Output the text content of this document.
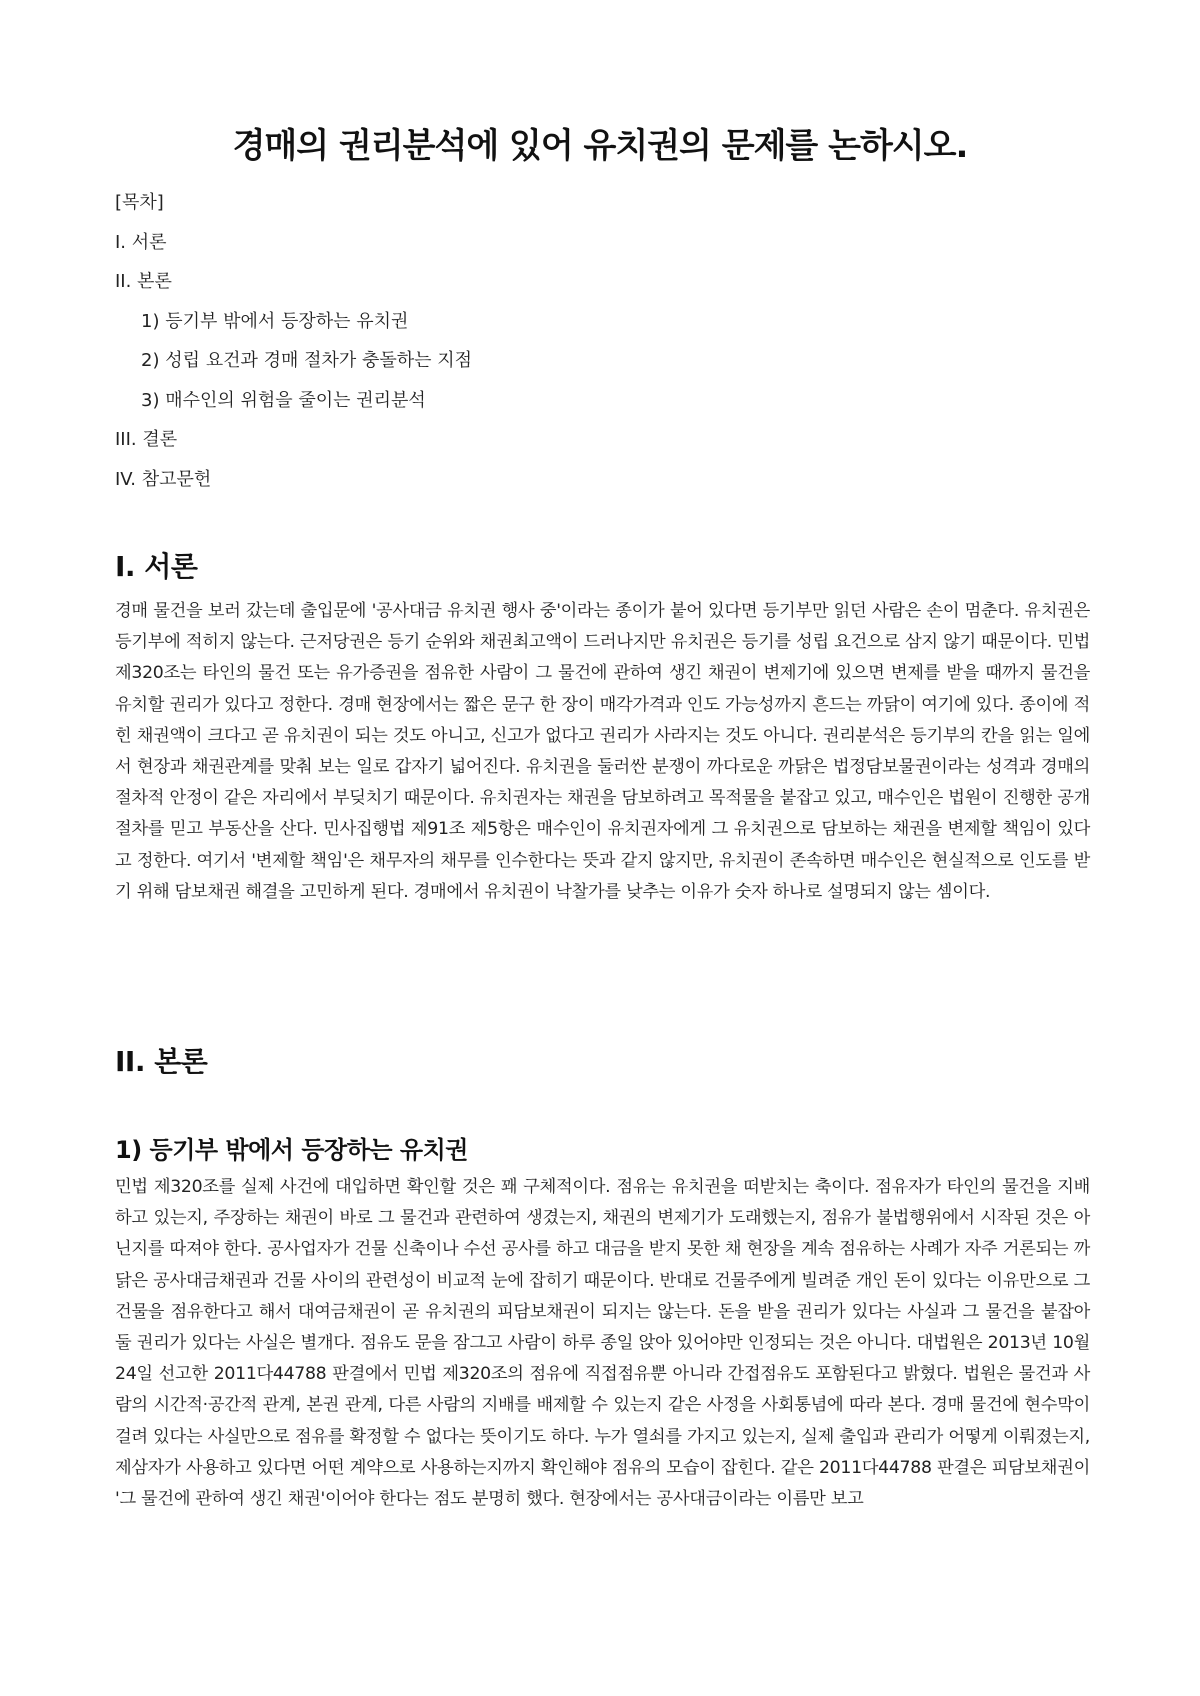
경매의 권리분석에 있어 유치권의 문제를 논하시오.
[목차]
I. 서론
II. 본론
1) 등기부 밖에서 등장하는 유치권
2) 성립 요건과 경매 절차가 충돌하는 지점
3) 매수인의 위험을 줄이는 권리분석
III. 결론
IV. 참고문헌
I. 서론
경매 물건을 보러 갔는데 출입문에 '공사대금 유치권 행사 중'이라는 종이가 붙어 있다면 등기부만 읽던 사람은 손이 멈춘다. 유치권은 등기부에 적히지 않는다. 근저당권은 등기 순위와 채권최고액이 드러나지만 유치권은 등기를 성립 요건으로 삼지 않기 때문이다. 민법 제320조는 타인의 물건 또는 유가증권을 점유한 사람이 그 물건에 관하여 생긴 채권이 변제기에 있으면 변제를 받을 때까지 물건을 유치할 권리가 있다고 정한다. 경매 현장에서는 짧은 문구 한 장이 매각가격과 인도 가능성까지 흔드는 까닭이 여기에 있다. 종이에 적힌 채권액이 크다고 곧 유치권이 되는 것도 아니고, 신고가 없다고 권리가 사라지는 것도 아니다. 권리분석은 등기부의 칸을 읽는 일에서 현장과 채권관계를 맞춰 보는 일로 갑자기 넓어진다. 유치권을 둘러싼 분쟁이 까다로운 까닭은 법정담보물권이라는 성격과 경매의 절차적 안정이 같은 자리에서 부딪치기 때문이다. 유치권자는 채권을 담보하려고 목적물을 붙잡고 있고, 매수인은 법원이 진행한 공개절차를 믿고 부동산을 산다. 민사집행법 제91조 제5항은 매수인이 유치권자에게 그 유치권으로 담보하는 채권을 변제할 책임이 있다고 정한다. 여기서 '변제할 책임'은 채무자의 채무를 인수한다는 뜻과 같지 않지만, 유치권이 존속하면 매수인은 현실적으로 인도를 받기 위해 담보채권 해결을 고민하게 된다. 경매에서 유치권이 낙찰가를 낮추는 이유가 숫자 하나로 설명되지 않는 셈이다.
II. 본론
1) 등기부 밖에서 등장하는 유치권
민법 제320조를 실제 사건에 대입하면 확인할 것은 꽤 구체적이다. 점유는 유치권을 떠받치는 축이다. 점유자가 타인의 물건을 지배하고 있는지, 주장하는 채권이 바로 그 물건과 관련하여 생겼는지, 채권의 변제기가 도래했는지, 점유가 불법행위에서 시작된 것은 아닌지를 따져야 한다. 공사업자가 건물 신축이나 수선 공사를 하고 대금을 받지 못한 채 현장을 계속 점유하는 사례가 자주 거론되는 까닭은 공사대금채권과 건물 사이의 관련성이 비교적 눈에 잡히기 때문이다. 반대로 건물주에게 빌려준 개인 돈이 있다는 이유만으로 그 건물을 점유한다고 해서 대여금채권이 곧 유치권의 피담보채권이 되지는 않는다. 돈을 받을 권리가 있다는 사실과 그 물건을 붙잡아 둘 권리가 있다는 사실은 별개다. 점유도 문을 잠그고 사람이 하루 종일 앉아 있어야만 인정되는 것은 아니다. 대법원은 2013년 10월 24일 선고한 2011다44788 판결에서 민법 제320조의 점유에 직접점유뿐 아니라 간접점유도 포함된다고 밝혔다. 법원은 물건과 사람의 시간적·공간적 관계, 본권 관계, 다른 사람의 지배를 배제할 수 있는지 같은 사정을 사회통념에 따라 본다. 경매 물건에 현수막이 걸려 있다는 사실만으로 점유를 확정할 수 없다는 뜻이기도 하다. 누가 열쇠를 가지고 있는지, 실제 출입과 관리가 어떻게 이뤄졌는지, 제삼자가 사용하고 있다면 어떤 계약으로 사용하는지까지 확인해야 점유의 모습이 잡힌다. 같은 2011다44788 판결은 피담보채권이 '그 물건에 관하여 생긴 채권'이어야 한다는 점도 분명히 했다. 현장에서는 공사대금이라는 이름만 보고
